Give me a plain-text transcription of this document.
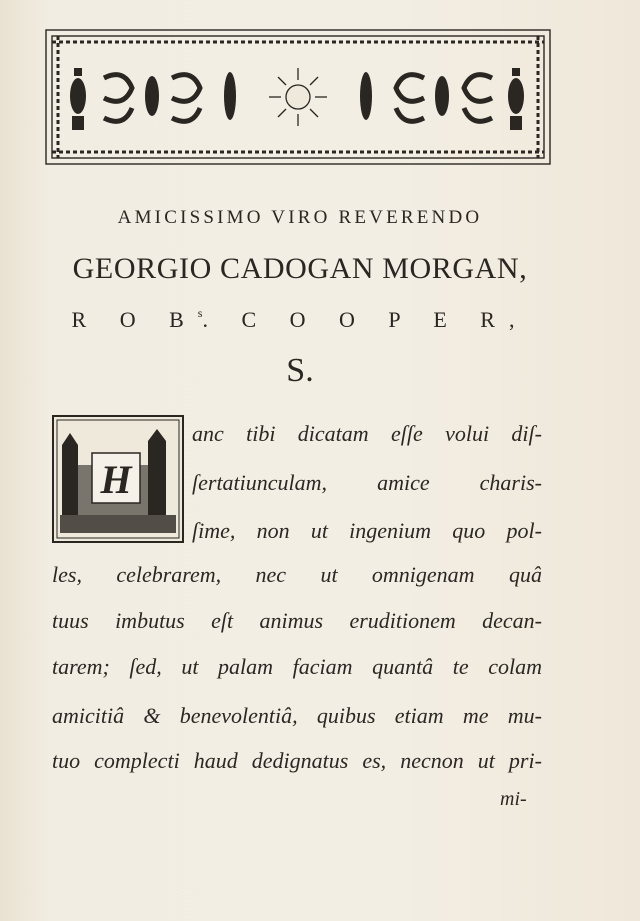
AMICISSIMO VIRO REVEREND​O
GEORGIO CADOGAN MORGAN,
R O $B^s$. C O O P E R,
S.
H
anc tibi dicatam eſſe volui diſ-
ſertatiunculam, amice charis-
ſime, non ut ingenium quo pol-
les, celebrarem, nec ut omnigenam quâ
tuus imbutus eſt animus eruditionem decan-
tarem; ſed, ut palam faciam quantâ te colam
amicitiâ & benevolentiâ, quibus etiam me mu-
tuo complecti haud dedignatus es, necnon ut pri-
mi-
